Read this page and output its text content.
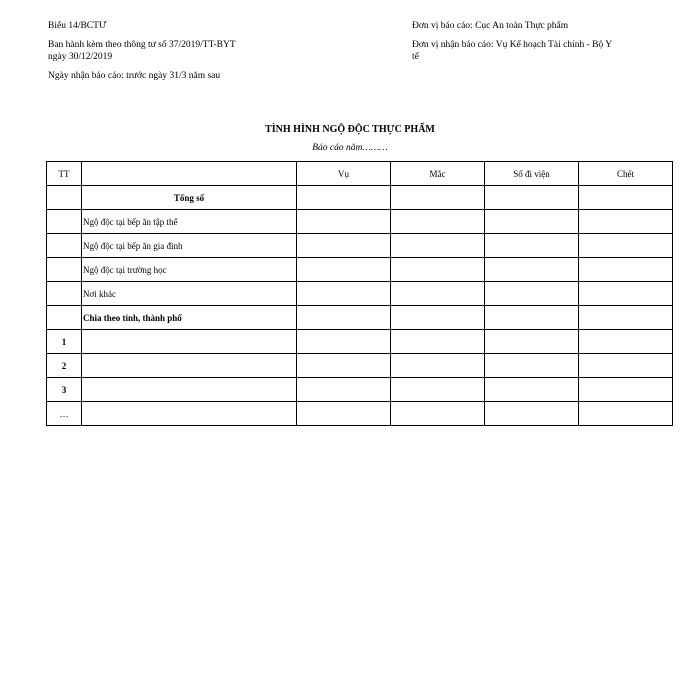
Biểu 14/BCTƯ

Ban hành kèm theo thông tư số 37/2019/TT-BYT ngày 30/12/2019

Ngày nhận báo cáo: trước ngày 31/3 năm sau

Đơn vị báo cáo: Cục An toàn Thực phẩm

Đơn vị nhận báo cáo: Vụ Kế hoạch Tài chính - Bộ Y tế

TÌNH HÌNH NGỘ ĐỘC THỰC PHẨM
Báo cáo năm………
TT		Vụ	Mắc	Số đi viện	Chết
	Tổng số				
	Ngộ độc tại bếp ăn tập thể				
	Ngộ độc tại bếp ăn gia đình				
	Ngộ độc tại trường học				
	Nơi khác				
	Chia theo tỉnh, thành phố				
1					
2					
3					
…					
